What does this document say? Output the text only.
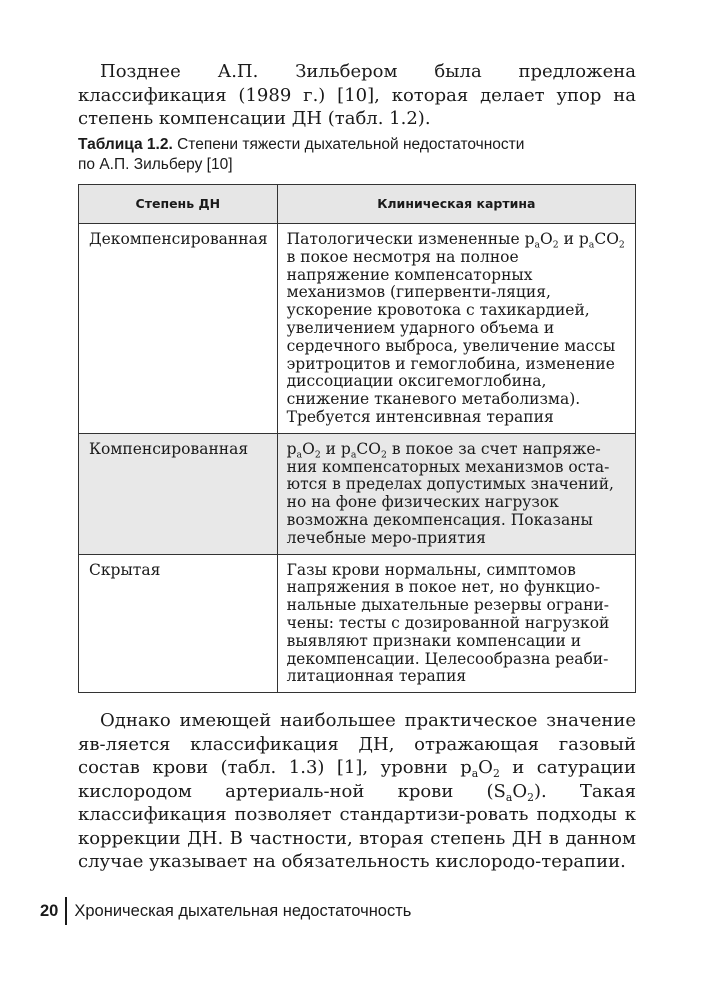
Позднее А.П. Зильбером была предложена классификация (1989 г.) [10], которая делает упор на степень компенсации ДН (табл. 1.2).

Таблица 1.2. Степени тяжести дыхательной недостаточности
по А.П. Зильберу [10]
Степень ДН	Клиническая картина
Декомпенсированная	Патологически измененные $p_aO_2$ и $p_aCO_2$
в покое несмотря на полное напряжение компенсаторных механизмов (гипервенти-ляция, ускорение кровотока с тахикардией, увеличением ударного объема и сердечного выброса, увеличение массы эритроцитов и гемоглобина, изменение диссоциации оксигемоглобина, снижение тканевого метаболизма). Требуется интенсивная терапия
Компенсированная	$p_aO_2$ и $p_aCO_2$ в покое за счет напряже-ния компенсаторных механизмов оста-ются в пределах допустимых значений, но на фоне физических нагрузок возможна декомпенсация. Показаны лечебные меро-приятия
Скрытая	Газы крови нормальны, симптомов напряжения в покое нет, но функцио-нальные дыхательные резервы ограни-чены: тесты с дозированной нагрузкой выявляют признаки компенсации и декомпенсации. Целесообразна реаби-литационная терапия

Однако имеющей наибольшее практическое значение яв-ляется классификация ДН, отражающая газовый состав крови (табл. 1.3) [1], уровни $p_aO_2$ и сатурации кислородом артериаль-ной крови $(S_aO_2)$. Такая классификация позволяет стандартизи-ровать подходы к коррекции ДН. В частности, вторая степень ДН в данном случае указывает на обязательность кислородо-терапии.

20 Хроническая дыхательная недостаточность
